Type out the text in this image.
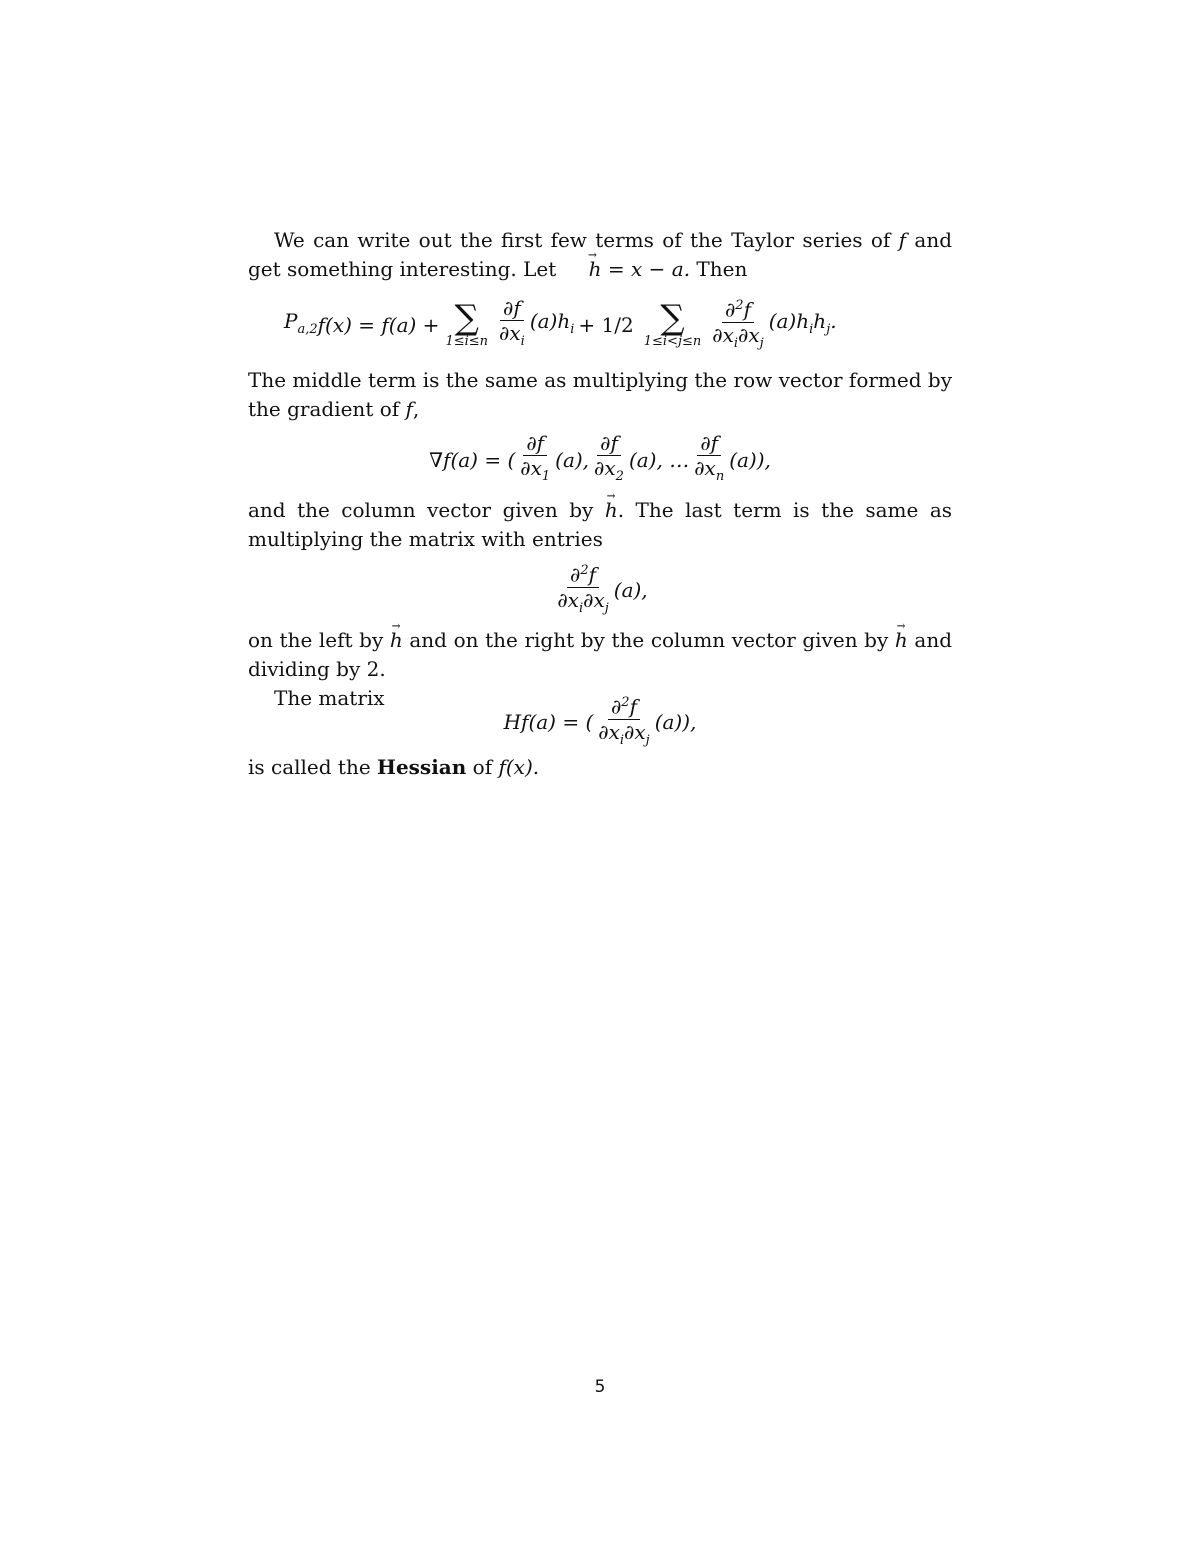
We can write out the first few terms of the Taylor series of f and get something interesting. Let → h = x − a. Then

$P_{a,2}$ f(x) = f(a) + ∑
$1\le i\le n \frac{\partial f}{\partial x_i} (a)h_i + 1/2$ ∑
$1\le i<j\le n \frac{\partial^2f}{\partial x_i\partial x_j} (a)h_ih_j$.

The middle term is the same as multiplying the row vector formed by the gradient of f,

∇f(a) = ( $\frac{\partial f}{\partial x_1} (a)$, $\frac{\partial f}{\partial x_2} (a)$, … $\frac{\partial f}{\partial x_n} (a)$),

and the column vector given by → h. The last term is the same as multiplying the matrix with entries

$\frac{\partial^2f}{\partial x_i\partial x_j} (a)$,

on the left by → h and on the right by the column vector given by → h and dividing by 2.

The matrix

Hf(a) = ( $\frac{\partial^2f}{\partial x_i\partial x_j} (a)$),

is called the Hessian of f(x).

5
